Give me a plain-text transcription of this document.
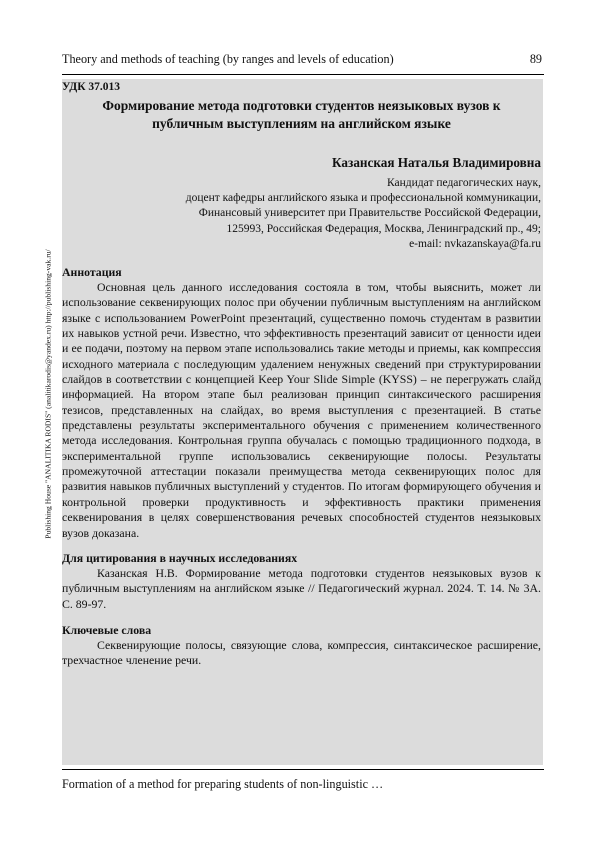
Theory and methods of teaching (by ranges and levels of education)	89
Publishing House "ANALITIKA RODIS" (analitikarodis@yandex.ru) http://publishing-vak.ru/

УДК 37.013

Формирование метода подготовки студентов неязыковых вузов к публичным выступлениям на английском языке
Казанская Наталья Владимировна
Кандидат педагогических наук,
доцент кафедры английского языка и профессиональной коммуникации,
Финансовый университет при Правительстве Российской Федерации,
125993, Российская Федерация, Москва, Ленинградский пр., 49;
e-mail: nvkazanskaya@fa.ru
Аннотация

Основная цель данного исследования состояла в том, чтобы выяснить, может ли использование секвенирующих полос при обучении публичным выступлениям на английском языке с использованием PowerPoint презентаций, существенно помочь студентам в развитии их навыков устной речи. Известно, что эффективность презентаций зависит от ценности идеи и ее подачи, поэтому на первом этапе использовались такие методы и приемы, как компрессия исходного материала с последующим удалением ненужных сведений при структурировании слайдов в соответствии с концепцией Keep Your Slide Simple (KYSS) – не перегружать слайд информацией. На втором этапе был реализован принцип синтаксического расширения тезисов, представленных на слайдах, во время выступления с презентацией. В статье представлены результаты экспериментального обучения с применением количественного метода исследования. Контрольная группа обучалась с помощью традиционного подхода, в экспериментальной группе использовались секвенирующие полосы. Результаты промежуточной аттестации показали преимущества метода секвенирующих полос для развития навыков публичных выступлений у студентов. По итогам формирующего обучения и контрольной проверки продуктивность и эффективность практики применения секвенирования в целях совершенствования речевых способностей студентов неязыковых вузов доказана.

Для цитирования в научных исследованиях

Казанская Н.В. Формирование метода подготовки студентов неязыковых вузов к публичным выступлениям на английском языке // Педагогический журнал. 2024. Т. 14. № 3А. С. 89-97.

Ключевые слова

Секвенирующие полосы, связующие слова, компрессия, синтаксическое расширение, трехчастное членение речи.

Formation of a method for preparing students of non-linguistic …
